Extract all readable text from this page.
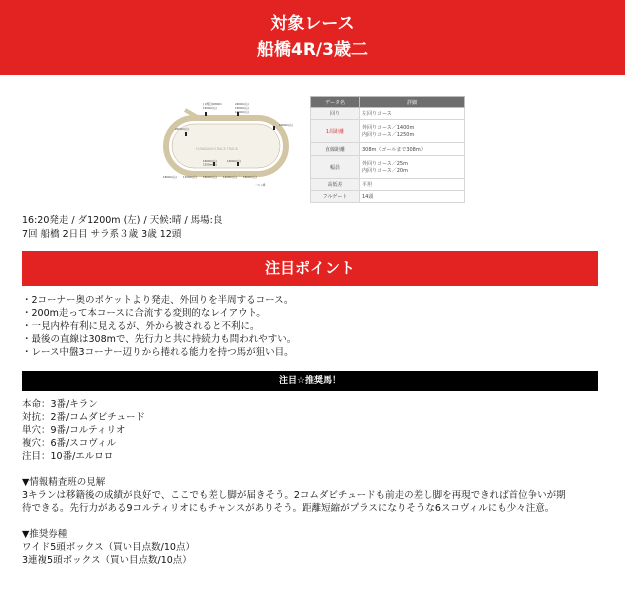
対象レース
船橋4R/3歳二
FUNABASHI RACE TRACK
[ 2周目]1800m
1500m(右)
2400m(右)
1500m(右)
1400m(右)
1000m(右)
2000m(右)
1600m(右)	1400m(右)
1200m(右)
1800m(右) 1700m(右) 1800m(右) 1200m(右) 1800m(右)
ハロン棒
データ名	詳細
回り	左回りコース
1周距離	外回りコース／1400m
内回りコース／1250m

直線距離	308m（ゴールまで308m）
幅員	外回りコース／25m
内回りコース／20m

高低差	平坦
フルゲート	14頭
16:20発走 / ダ1200m (左) / 天候:晴 / 馬場:良
7回 船橋 2日目 サラ系３歳 3歳 12頭
注目ポイント
・2コーナー奥のポケットより発走、外回りを半周するコース。
・200m走って本コースに合流する変則的なレイアウト。
・一見内枠有利に見えるが、外から被されると不利に。
・最後の直線は308mで、先行力と共に持続力も問われやすい。
・レース中盤3コーナー辺りから捲れる能力を持つ馬が狙い目。
注目☆推奨馬！
本命：3番/キラン
対抗：2番/コムダビチュード
単穴：9番/コルティリオ
複穴：6番/スコヴィル
注目：10番/エルロロ
▼情報精査班の見解
3キランは移籍後の成績が良好で、ここでも差し脚が届きそう。2コムダビチュードも前走の差し脚を再現できれば首位争いが期
待できる。先行力がある9コルティリオにもチャンスがありそう。距離短縮がプラスになりそうな6スコヴィルにも少々注意。
▼推奨券種
ワイド5頭ボックス（買い目点数/10点）
3連複5頭ボックス（買い目点数/10点）
